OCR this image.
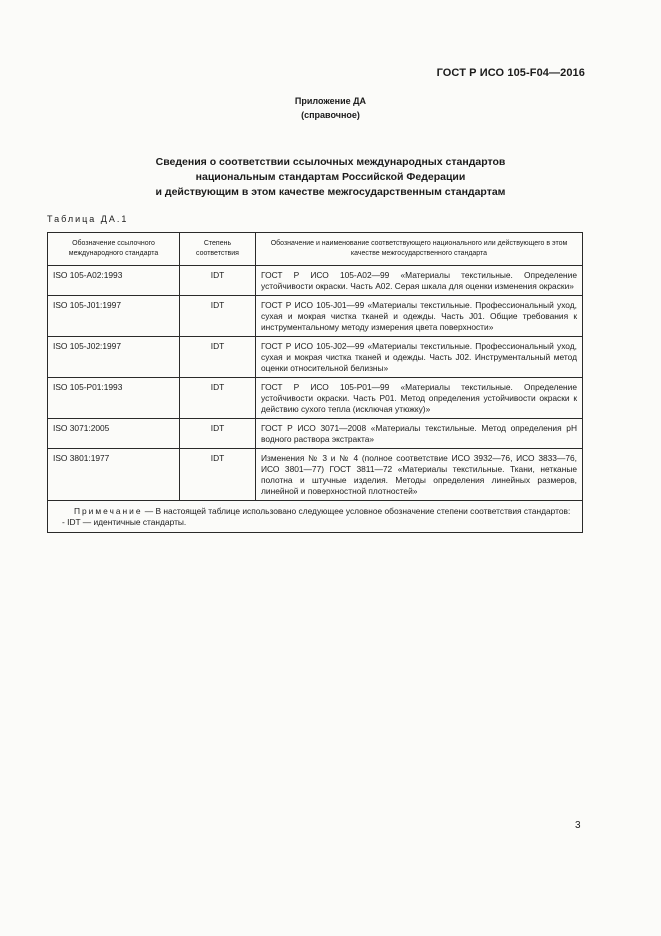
ГОСТ Р ИСО 105-F04—2016
Приложение ДА
(справочное)
Сведения о соответствии ссылочных международных стандартов
национальным стандартам Российской Федерации
и действующим в этом качестве межгосударственным стандартам
Таблица ДА.1
Обозначение ссылочного международного стандарта	Степень соответствия	Обозначение и наименование соответствующего национального или действующего в этом качестве межгосударственного стандарта
ISO 105-A02:1993	IDT	ГОСТ Р ИСО 105-А02—99 «Материалы текстильные. Определение устойчивости окраски. Часть А02. Серая шкала для оценки изменения окраски»
ISO 105-J01:1997	IDT	ГОСТ Р ИСО 105-J01—99 «Материалы текстильные. Профессиональный уход, сухая и мокрая чистка тканей и одежды. Часть J01. Общие требования к инструментальному методу измерения цвета поверхности»
ISO 105-J02:1997	IDT	ГОСТ Р ИСО 105-J02—99 «Материалы текстильные. Профессиональный уход, сухая и мокрая чистка тканей и одежды. Часть J02. Инструментальный метод оценки относительной белизны»
ISO 105-P01:1993	IDT	ГОСТ Р ИСО 105-Р01—99 «Материалы текстильные. Определение устойчивости окраски. Часть Р01. Метод определения устойчивости окраски к действию сухого тепла (исключая утюжку)»
ISO 3071:2005	IDT	ГОСТ Р ИСО 3071—2008 «Материалы текстильные. Метод определения рН водного раствора экстракта»
ISO 3801:1977	IDT	Изменения № 3 и № 4 (полное соответствие ИСО 3932—76, ИСО 3833—76, ИСО 3801—77) ГОСТ 3811—72 «Материалы текстильные. Ткани, нетканые полотна и штучные изделия. Методы определения линейных размеров, линейной и поверхностной плотностей»

Примечание — В настоящей таблице использовано следующее условное обозначение степени соответствия стандартов:
- IDT — идентичные стандарты.		
3
